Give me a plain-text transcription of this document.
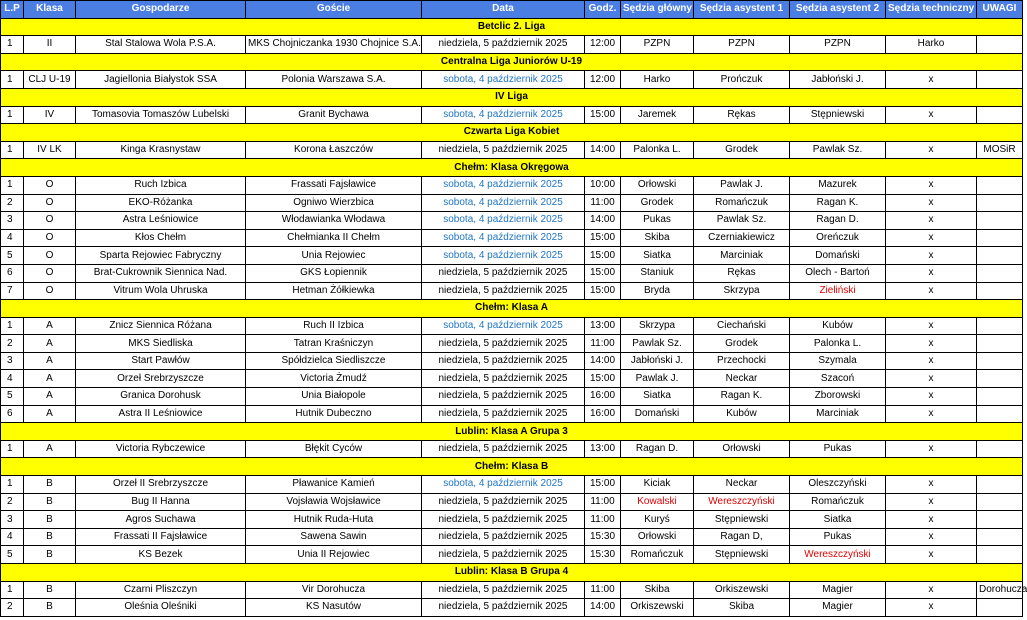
L.P	Klasa	Gospodarze	Goście	Data	Godz.	Sędzia główny	Sędzia asystent 1	Sędzia asystent 2	Sędzia techniczny	UWAGI
Betclic 2. Liga										
1	II	Stal Stalowa Wola P.S.A.	MKS Chojniczanka 1930 Chojnice S.A.	niedziela, 5 październik 2025	12:00	PZPN	PZPN	PZPN	Harko	
Centralna Liga Juniorów U-19										
1	CLJ U-19	Jagiellonia Białystok SSA	Polonia Warszawa S.A.	sobota, 4 październik 2025	12:00	Harko	Prończuk	Jabłoński J.	x	
IV Liga										
1	IV	Tomasovia Tomaszów Lubelski	Granit Bychawa	sobota, 4 październik 2025	15:00	Jaremek	Rękas	Stępniewski	x	
Czwarta Liga Kobiet										
1	IV LK	Kinga Krasnystaw	Korona Łaszczów	niedziela, 5 październik 2025	14:00	Palonka L.	Grodek	Pawlak Sz.	x	MOSiR
Chełm: Klasa Okręgowa										
1	O	Ruch Izbica	Frassati Fajsławice	sobota, 4 październik 2025	10:00	Orłowski	Pawlak J.	Mazurek	x	
2	O	EKO-Różanka	Ogniwo Wierzbica	sobota, 4 październik 2025	11:00	Grodek	Romańczuk	Ragan K.	x	
3	O	Astra Leśniowice	Włodawianka Włodawa	sobota, 4 październik 2025	14:00	Pukas	Pawlak Sz.	Ragan D.	x	
4	O	Kłos Chełm	Chełmianka II Chełm	sobota, 4 październik 2025	15:00	Skiba	Czerniakiewicz	Oreńczuk	x	
5	O	Sparta Rejowiec Fabryczny	Unia Rejowiec	sobota, 4 październik 2025	15:00	Siatka	Marciniak	Domański	x	
6	O	Brat-Cukrownik Siennica Nad.	GKS Łopiennik	niedziela, 5 październik 2025	15:00	Staniuk	Rękas	Olech - Bartoń	x	
7	O	Vitrum Wola Uhruska	Hetman Żółkiewka	niedziela, 5 październik 2025	15:00	Bryda	Skrzypa	Zieliński	x	
Chełm: Klasa A										
1	A	Znicz Siennica Różana	Ruch II Izbica	sobota, 4 październik 2025	13:00	Skrzypa	Ciechański	Kubów	x	
2	A	MKS Siedliska	Tatran Kraśniczyn	niedziela, 5 październik 2025	11:00	Pawlak Sz.	Grodek	Palonka L.	x	
3	A	Start Pawłów	Spółdzielca Siedliszcze	niedziela, 5 październik 2025	14:00	Jabłoński J.	Przechocki	Szymala	x	
4	A	Orzeł Srebrzyszcze	Victoria Żmudź	niedziela, 5 październik 2025	15:00	Pawlak J.	Neckar	Szacoń	x	
5	A	Granica Dorohusk	Unia Białopole	niedziela, 5 październik 2025	16:00	Siatka	Ragan K.	Zborowski	x	
6	A	Astra II Leśniowice	Hutnik Dubeczno	niedziela, 5 październik 2025	16:00	Domański	Kubów	Marciniak	x	
Lublin: Klasa A Grupa 3										
1	A	Victoria Rybczewice	Błękit Cyców	niedziela, 5 październik 2025	13:00	Ragan D.	Orłowski	Pukas	x	
Chełm: Klasa B										
1	B	Orzeł II Srebrzyszcze	Pławanice Kamień	sobota, 4 październik 2025	15:00	Kiciak	Neckar	Oleszczyński	x	
2	B	Bug II Hanna	Vojsławia Wojsławice	niedziela, 5 październik 2025	11:00	Kowalski	Wereszczyński	Romańczuk	x	
3	B	Agros Suchawa	Hutnik Ruda-Huta	niedziela, 5 październik 2025	11:00	Kuryś	Stępniewski	Siatka	x	
4	B	Frassati II Fajsławice	Sawena Sawin	niedziela, 5 październik 2025	15:30	Orłowski	Ragan D,	Pukas	x	
5	B	KS Bezek	Unia II Rejowiec	niedziela, 5 październik 2025	15:30	Romańczuk	Stępniewski	Wereszczyński	x	
Lublin: Klasa B Grupa 4										
1	B	Czarni Pliszczyn	Vir Dorohucza	niedziela, 5 październik 2025	11:00	Skiba	Orkiszewski	Magier	x	Dorohucza
2	B	Oleśnia Oleśniki	KS Nasutów	niedziela, 5 październik 2025	14:00	Orkiszewski	Skiba	Magier	x	
